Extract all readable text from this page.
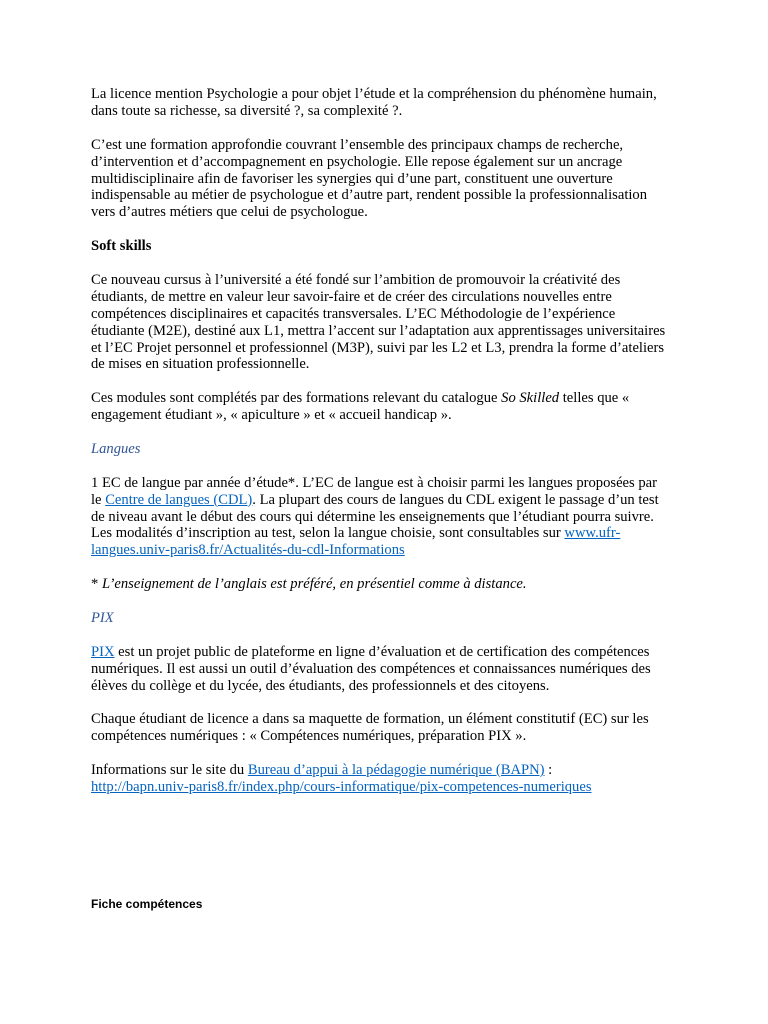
La licence mention Psychologie a pour objet l’étude et la compréhension du phénomène humain, dans toute sa richesse, sa diversité ?, sa complexité ?.

C’est une formation approfondie couvrant l’ensemble des principaux champs de recherche, d’intervention et d’accompagnement en psychologie. Elle repose également sur un ancrage multidisciplinaire afin de favoriser les synergies qui d’une part, constituent une ouverture indispensable au métier de psychologue et d’autre part, rendent possible la professionnalisation vers d’autres métiers que celui de psychologue.

Soft skills

Ce nouveau cursus à l’université a été fondé sur l’ambition de promouvoir la créativité des étudiants, de mettre en valeur leur savoir-faire et de créer des circulations nouvelles entre compétences disciplinaires et capacités transversales. L’EC Méthodologie de l’expérience étudiante (M2E), destiné aux L1, mettra l’accent sur l’adaptation aux apprentissages universitaires et l’EC Projet personnel et professionnel (M3P), suivi par les L2 et L3, prendra la forme d’ateliers de mises en situation professionnelle.

Ces modules sont complétés par des formations relevant du catalogue So Skilled telles que « engagement étudiant », « apiculture » et « accueil handicap ».

Langues

1 EC de langue par année d’étude*. L’EC de langue est à choisir parmi les langues proposées par le Centre de langues (CDL). La plupart des cours de langues du CDL exigent le passage d’un test de niveau avant le début des cours qui détermine les enseignements que l’étudiant pourra suivre. Les modalités d’inscription au test, selon la langue choisie, sont consultables sur www.ufr-langues.univ-paris8.fr/Actualités-du-cdl-Informations

* L’enseignement de l’anglais est préféré, en présentiel comme à distance.

PIX

PIX est un projet public de plateforme en ligne d’évaluation et de certification des compétences numériques. Il est aussi un outil d’évaluation des compétences et connaissances numériques des élèves du collège et du lycée, des étudiants, des professionnels et des citoyens.

Chaque étudiant de licence a dans sa maquette de formation, un élément constitutif (EC) sur les compétences numériques : « Compétences numériques, préparation PIX ».

Informations sur le site du Bureau d’appui à la pédagogie numérique (BAPN) :
http://bapn.univ-paris8.fr/index.php/cours-informatique/pix-competences-numeriques

Fiche compétences
